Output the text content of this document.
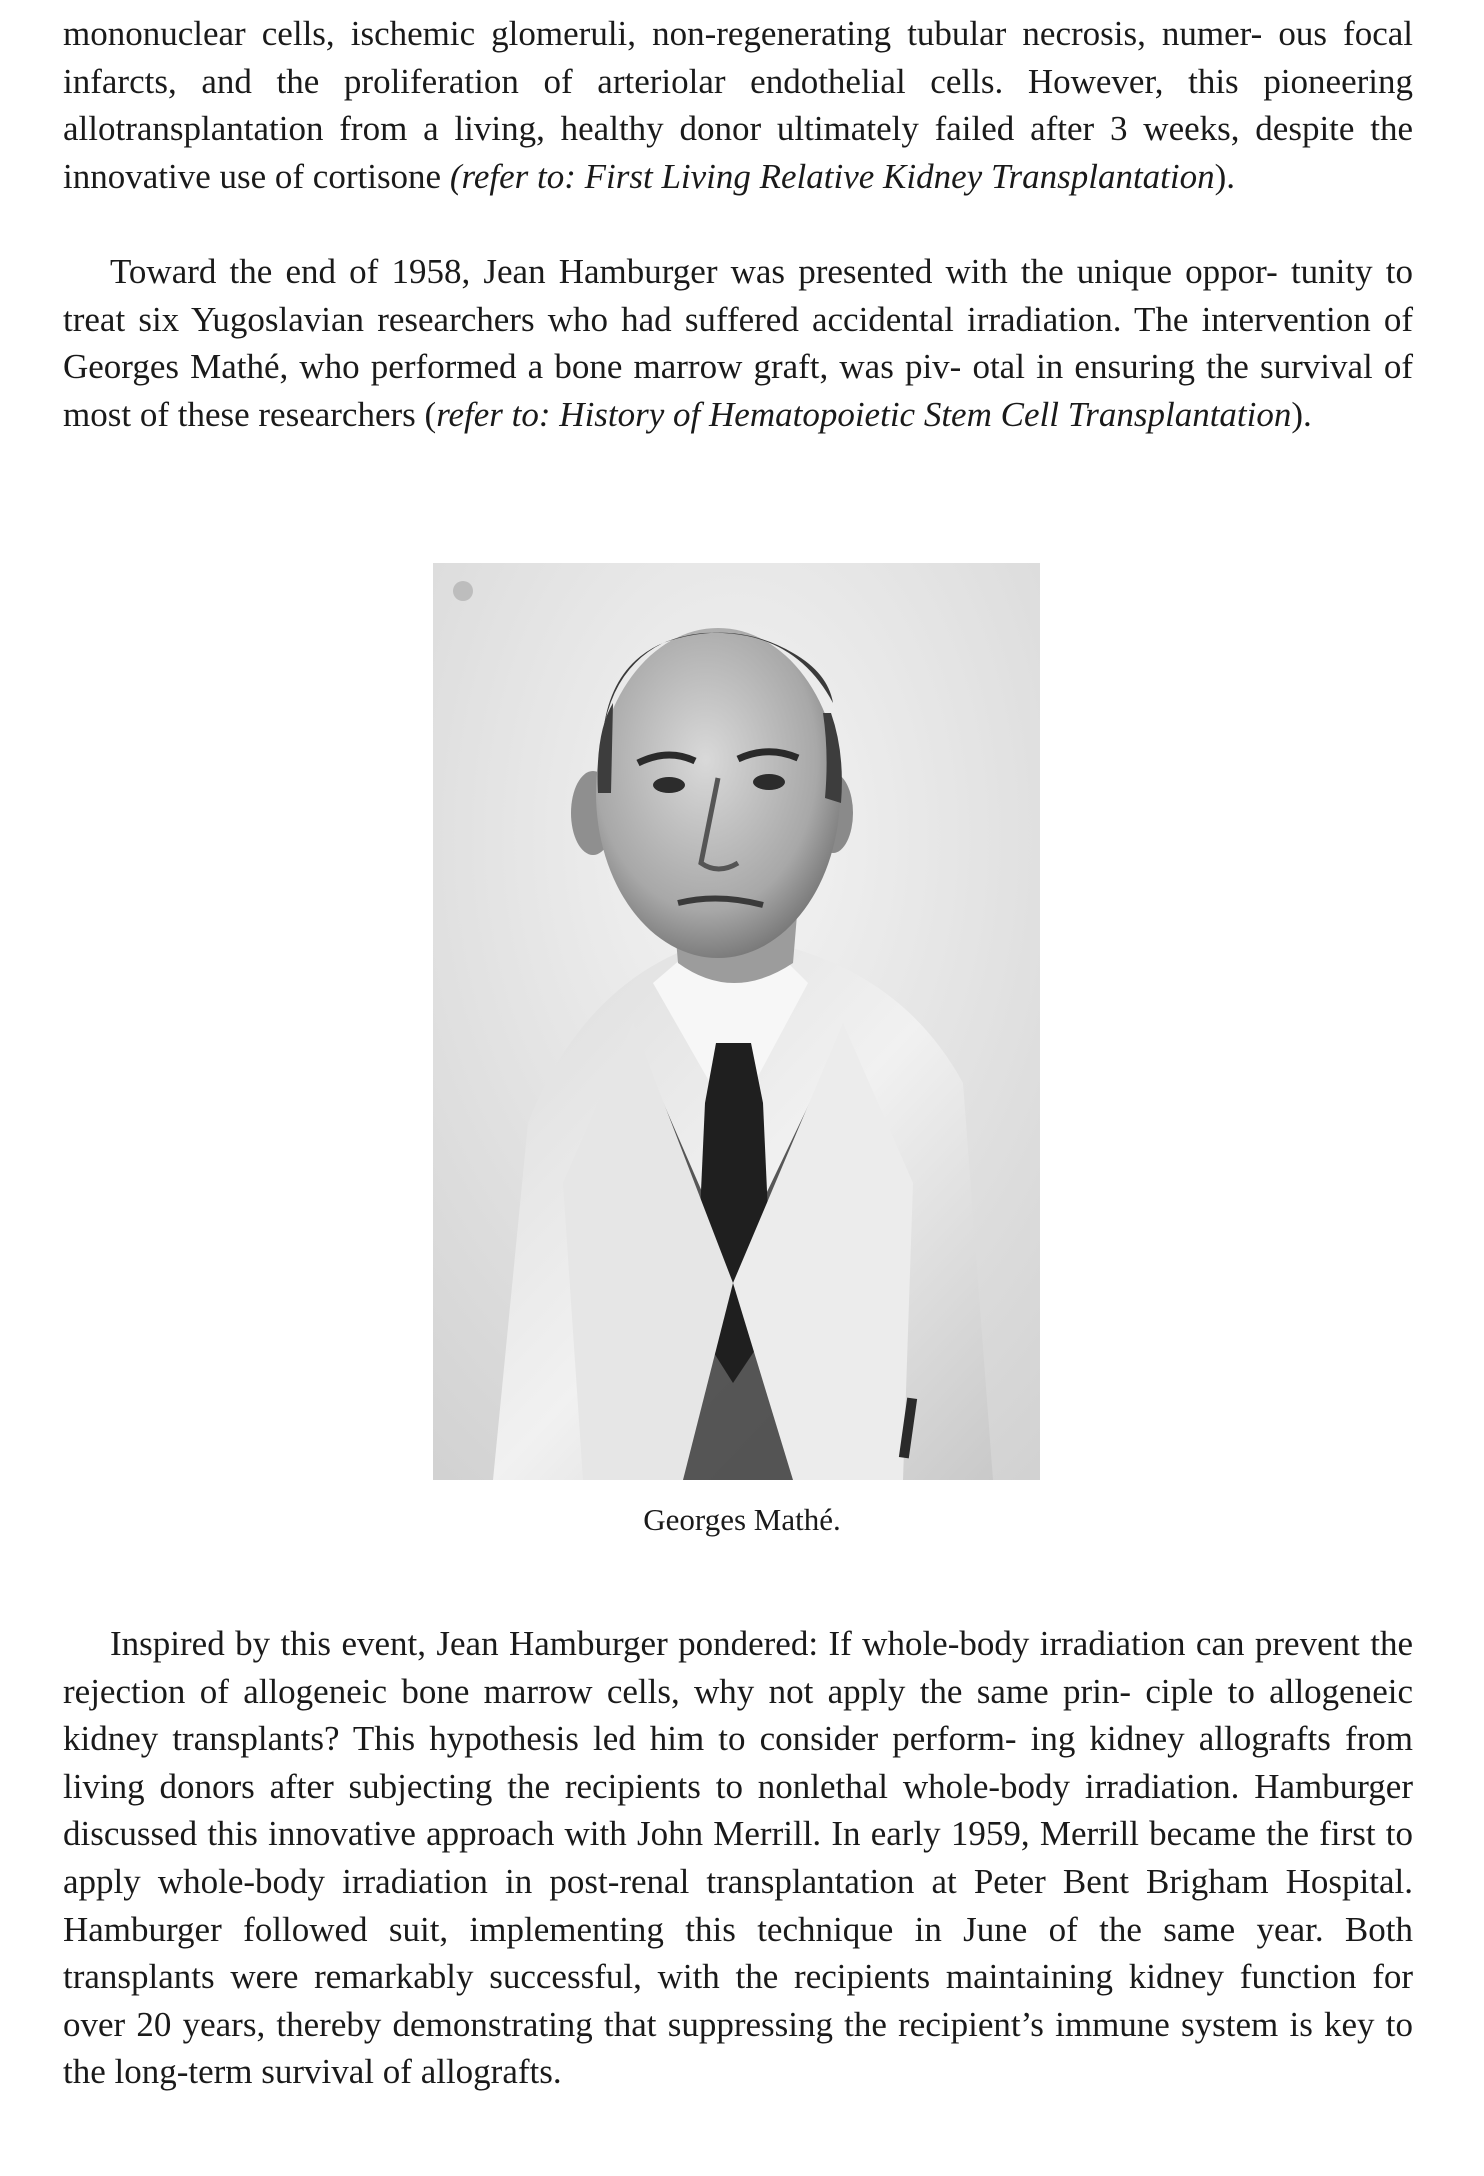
mononuclear cells, ischemic glomeruli, non-regenerating tubular necrosis, numer- ous focal infarcts, and the proliferation of arteriolar endothelial cells. However, this pioneering allotransplantation from a living, healthy donor ultimately failed after 3 weeks, despite the innovative use of cortisone (refer to: First Living Relative Kidney Transplantation).

Toward the end of 1958, Jean Hamburger was presented with the unique oppor- tunity to treat six Yugoslavian researchers who had suffered accidental irradiation. The intervention of Georges Mathé, who performed a bone marrow graft, was piv- otal in ensuring the survival of most of these researchers (refer to: History of Hematopoietic Stem Cell Transplantation).

Inspired by this event, Jean Hamburger pondered: If whole-body irradiation can prevent the rejection of allogeneic bone marrow cells, why not apply the same prin- ciple to allogeneic kidney transplants? This hypothesis led him to consider perform- ing kidney allografts from living donors after subjecting the recipients to nonlethal whole-body irradiation. Hamburger discussed this innovative approach with John Merrill. In early 1959, Merrill became the first to apply whole-body irradiation in post-renal transplantation at Peter Bent Brigham Hospital. Hamburger followed suit, implementing this technique in June of the same year. Both transplants were remarkably successful, with the recipients maintaining kidney function for over 20 years, thereby demonstrating that suppressing the recipient’s immune system is key to the long-term survival of allografts.

Georges Mathé.
